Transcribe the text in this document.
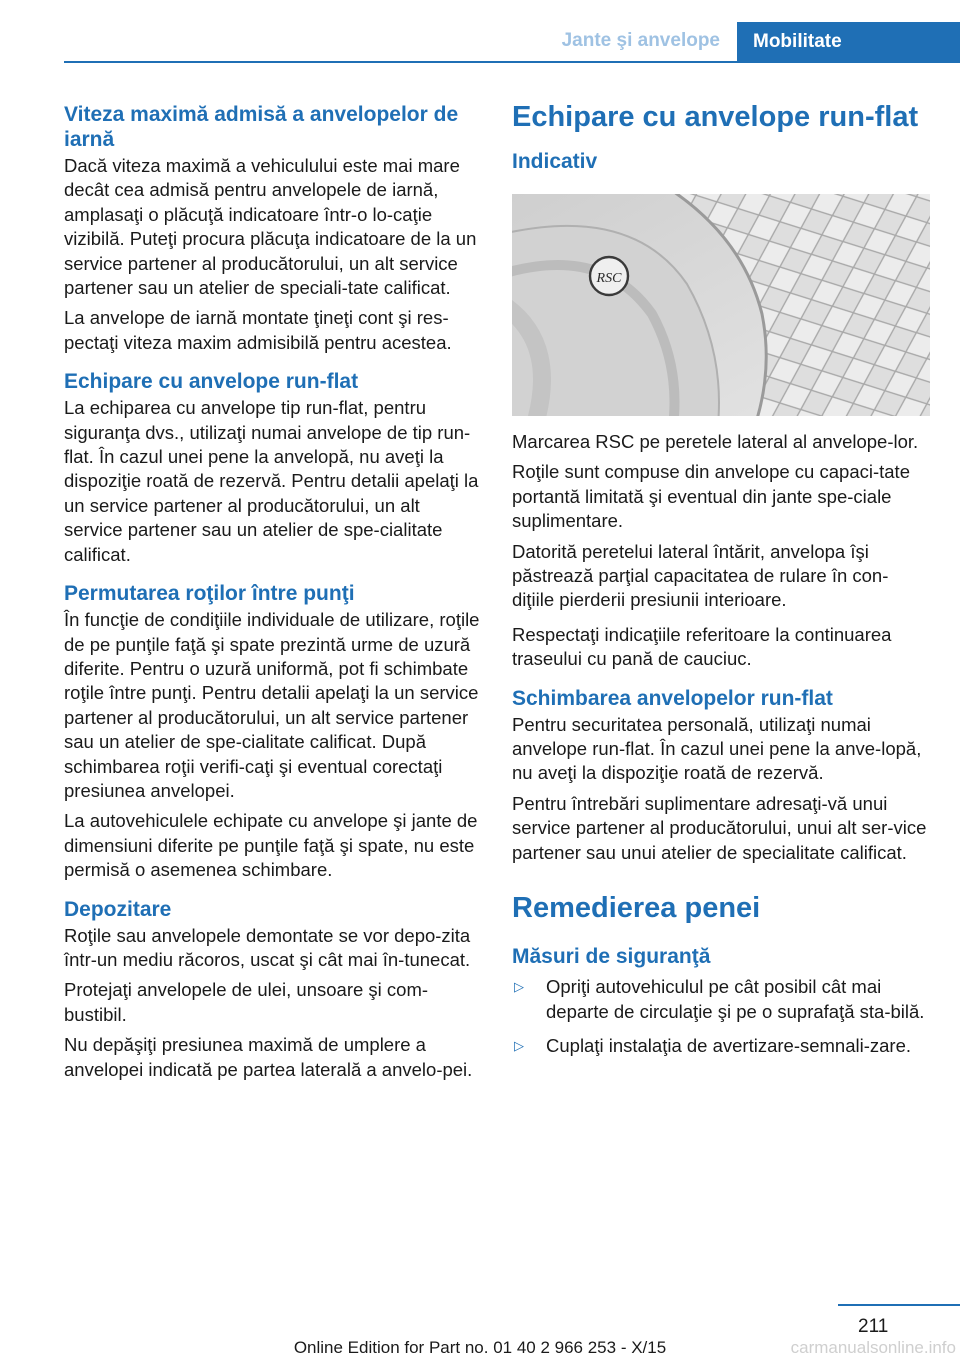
Jante şi anvelope	Mobilitate
Viteza maximă admisă a anvelopelor de iarnă

Dacă viteza maximă a vehiculului este mai mare decât cea admisă pentru anvelopele de iarnă, amplasaţi o plăcuţă indicatoare într-o lo‐caţie vizibilă. Puteţi procura plăcuţa indicatoare de la un service partener al producătorului, un alt service partener sau un atelier de speciali‐tate calificat.

La anvelope de iarnă montate ţineţi cont şi res‐pectaţi viteza maxim admisibilă pentru acestea.

Echipare cu anvelope run-flat

La echiparea cu anvelope tip run-flat, pentru siguranţa dvs., utilizaţi numai anvelope de tip run-flat. În cazul unei pene la anvelopă, nu aveţi la dispoziţie roată de rezervă. Pentru detalii apelaţi la un service partener al producătorului, un alt service partener sau un atelier de spe‐cialitate calificat.

Permutarea roţilor între punţi

În funcţie de condiţiile individuale de utilizare, roţile de pe punţile faţă şi spate prezintă urme de uzură diferite. Pentru o uzură uniformă, pot fi schimbate roţile între punţi. Pentru detalii apelaţi la un service partener al producătorului, un alt service partener sau un atelier de spe‐cialitate calificat. După schimbarea roţii verifi‐caţi şi eventual corectaţi presiunea anvelopei.

La autovehiculele echipate cu anvelope şi jante de dimensiuni diferite pe punţile faţă şi spate, nu este permisă o asemenea schimbare.

Depozitare

Roţile sau anvelopele demontate se vor depo‐zita într-un mediu răcoros, uscat şi cât mai în‐tunecat.

Protejaţi anvelopele de ulei, unsoare şi com‐bustibil.

Nu depăşiţi presiunea maximă de umplere a anvelopei indicată pe partea laterală a anvelo‐pei.

Echipare cu anvelope run-flat
Indicativ
RSC

Marcarea RSC pe peretele lateral al anvelope‐lor.

Roţile sunt compuse din anvelope cu capaci‐tate portantă limitată şi eventual din jante spe‐ciale suplimentare.

Datorită peretelui lateral întărit, anvelopa îşi păstrează parţial capacitatea de rulare în con‐diţiile pierderii presiunii interioare.

Respectaţi indicaţiile referitoare la continuarea traseului cu pană de cauciuc.

Schimbarea anvelopelor run-flat

Pentru securitatea personală, utilizaţi numai anvelope run-flat. În cazul unei pene la anve‐lopă, nu aveţi la dispoziţie roată de rezervă.

Pentru întrebări suplimentare adresaţi-vă unui service partener al producătorului, unui alt ser‐vice partener sau unui atelier de specialitate calificat.

Remedierea penei
Măsuri de siguranţă
▷ Opriţi autovehiculul pe cât posibil cât mai departe de circulaţie şi pe o suprafaţă sta‐bilă.
▷ Cuplaţi instalaţia de avertizare-semnali‐zare.
211
Online Edition for Part no. 01 40 2 966 253 - X/15	carmanualsonline.info
